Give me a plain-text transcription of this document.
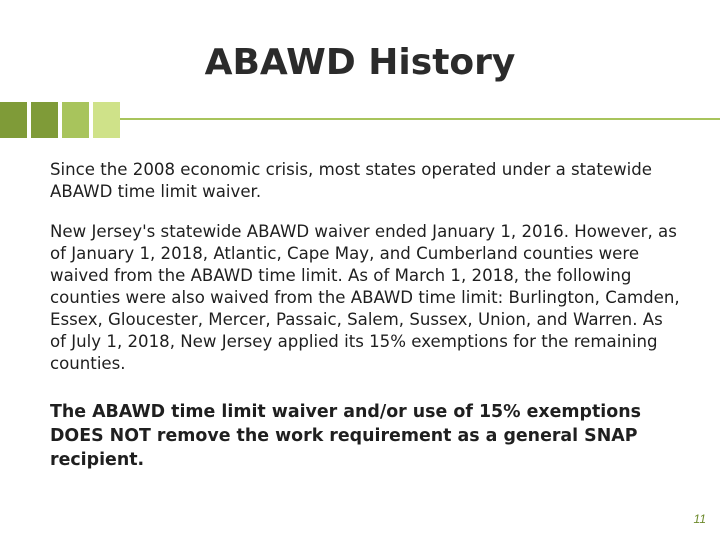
ABAWD History

Since the 2008 economic crisis, most states operated under a statewide ABAWD time limit waiver.

New Jersey's statewide ABAWD waiver ended January 1, 2016. However, as of January 1, 2018, Atlantic, Cape May, and Cumberland counties were waived from the ABAWD time limit. As of March 1, 2018, the following counties were also waived from the ABAWD time limit: Burlington, Camden, Essex, Gloucester, Mercer, Passaic, Salem, Sussex, Union, and Warren. As of July 1, 2018, New Jersey applied its 15% exemptions for the remaining counties.

The ABAWD time limit waiver and/or use of 15% exemptions DOES NOT remove the work requirement as a general SNAP recipient.

11
